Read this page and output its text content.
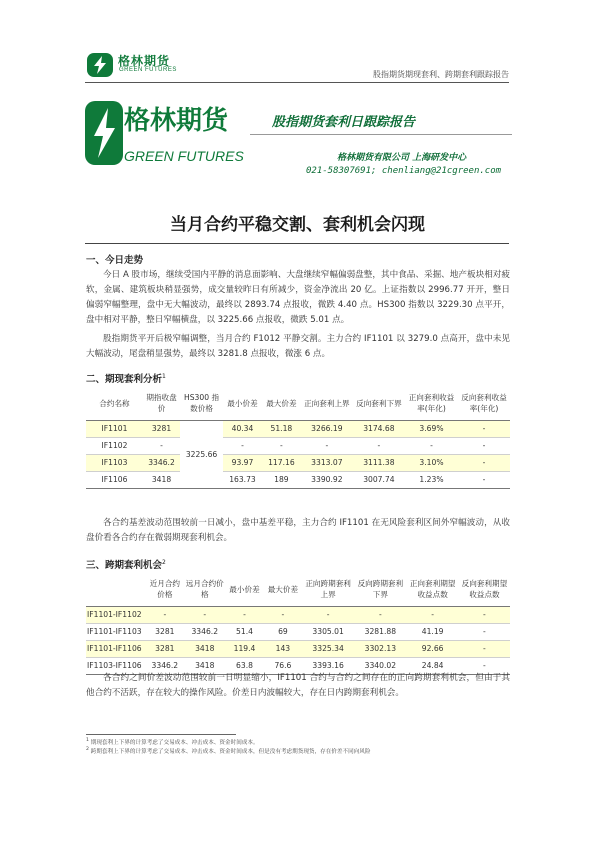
格林期货
GREEN FUTURES	股指期货期现套利、跨期套利跟踪报告
格林期货
GREEN FUTURES
股指期货套利日跟踪报告
格林期货有限公司 上海研发中心
021-58307691; chenliang@21cgreen.com
当月合约平稳交割、套利机会闪现
一、今日走势
今日 A 股市场，继续受国内平静的消息面影响、大盘继续窄幅偏弱盘整，其中食品、采掘、地产板块相对疲软，金属、建筑板块稍显强势，成交量较昨日有所减少，资金净流出 20 亿。上证指数以 2996.77 开开，整日偏弱窄幅整理，盘中无大幅波动，最终以 2893.74 点报收，微跌 4.40 点。HS300 指数以 3229.30 点平开，盘中相对平静，整日窄幅横盘，以 3225.66 点报收，微跌 5.01 点。
股指期货平开后极窄幅调整，当月合约 F1012 平静交割。主力合约 IF1101 以 3279.0 点高开，盘中未见大幅波动，尾盘稍显强势，最终以 3281.8 点报收，微涨 6 点。
二、期现套利分析$^1$
合约名称	期指收盘价	HS300 指数价格	最小价差	最大价差	正向套利上界	反向套利下界	正向套利收益率(年化)	反向套利收益率(年化)
IF1101	3281	3225.66	40.34	51.18	3266.19	3174.68	3.69%	-
IF1102	-		-	-	-	-	-	-
IF1103	3346.2		93.97	117.16	3313.07	3111.38	3.10%	-
IF1106	3418		163.73	189	3390.92	3007.74	1.23%	-
各合约基差波动范围较前一日减小，盘中基差平稳，主力合约 IF1101 在无风险套利区间外窄幅波动，从收盘价看各合约存在微弱期现套利机会。
三、跨期套利机会$^2$
	近月合约价格	远月合约价格	最小价差	最大价差	正向跨期套利上界	反向跨期套利下界	正向套利期望收益点数	反向套利期望收益点数
IF1101-IF1102	-	-	-	-	-	-	-	-
IF1101-IF1103	3281	3346.2	51.4	69	3305.01	3281.88	41.19	-
IF1101-IF1106	3281	3418	119.4	143	3325.34	3302.13	92.66	-
IF1103-IF1106	3346.2	3418	63.8	76.6	3393.16	3340.02	24.84	-
各合约之间价差波动范围较前一日明显缩小，IF1101 合约与合约之间存在的正向跨期套利机会，但由于其他合约不活跃，存在较大的操作风险。价差日内波幅较大，存在日内跨期套利机会。
$^1$ 期现套利上下界的计算考虑了交易成本、冲击成本、资金时间成本。
$^2$ 跨期套利上下界的计算考虑了交易成本、冲击成本、资金时间成本，但是没有考虑期货现货，存在价差不同向风险
